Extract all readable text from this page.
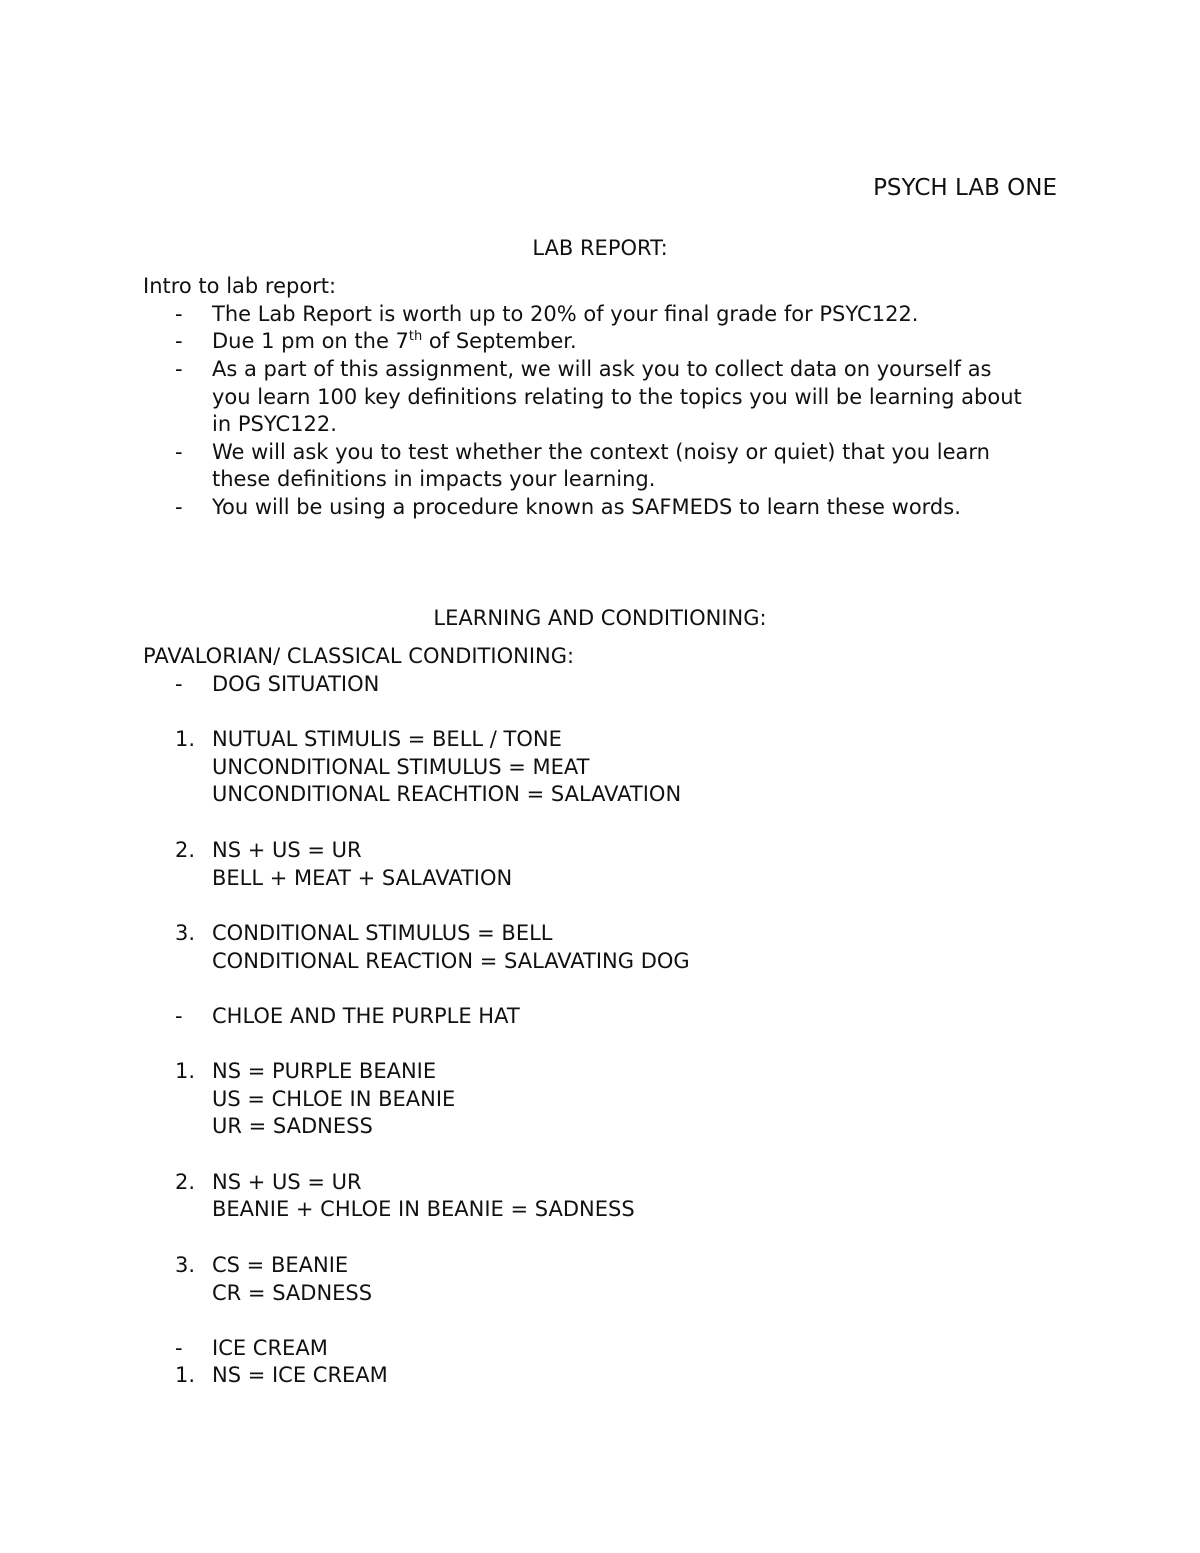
PSYCH LAB ONE
LAB REPORT:
Intro to lab report:
- The Lab Report is worth up to 20% of your final grade for PSYC122.
- Due 1 pm on the 7th of September.
- As a part of this assignment, we will ask you to collect data on yourself as
you learn 100 key definitions relating to the topics you will be learning about
in PSYC122.
- We will ask you to test whether the context (noisy or quiet) that you learn
these definitions in impacts your learning.
- You will be using a procedure known as SAFMEDS to learn these words.
LEARNING AND CONDITIONING:
PAVALORIAN/ CLASSICAL CONDITIONING:
- DOG SITUATION
1. NUTUAL STIMULIS = BELL / TONE
UNCONDITIONAL STIMULUS = MEAT
UNCONDITIONAL REACHTION = SALAVATION
2. NS + US = UR
BELL + MEAT + SALAVATION
3. CONDITIONAL STIMULUS = BELL
CONDITIONAL REACTION = SALAVATING DOG
- CHLOE AND THE PURPLE HAT
1. NS = PURPLE BEANIE
US = CHLOE IN BEANIE
UR = SADNESS
2. NS + US = UR
BEANIE + CHLOE IN BEANIE = SADNESS
3. CS = BEANIE
CR = SADNESS
- ICE CREAM
1. NS = ICE CREAM
